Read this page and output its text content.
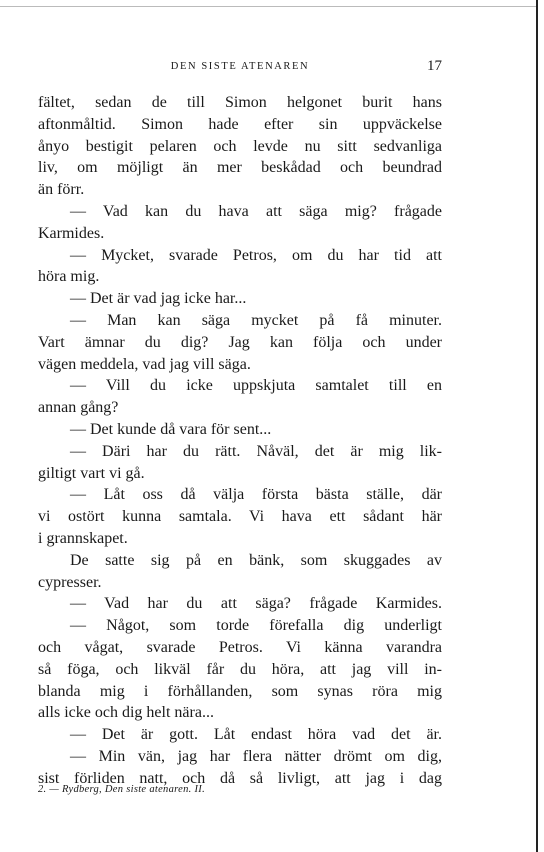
DEN SISTE ATENAREN	17
fältet, sedan de till Simon helgonet burit hans
aftonmåltid. Simon hade efter sin uppväckelse
ånyo bestigit pelaren och levde nu sitt sedvanliga
liv, om möjligt än mer beskådad och beundrad
än förr.
— Vad kan du hava att säga mig? frågade
Karmides.
— Mycket, svarade Petros, om du har tid att
höra mig.
— Det är vad jag icke har...
— Man kan säga mycket på få minuter.
Vart ämnar du dig? Jag kan följa och under
vägen meddela, vad jag vill säga.
— Vill du icke uppskjuta samtalet till en
annan gång?
— Det kunde då vara för sent...
— Däri har du rätt. Nåväl, det är mig lik-
giltigt vart vi gå.
— Låt oss då välja första bästa ställe, där
vi ostört kunna samtala. Vi hava ett sådant här
i grannskapet.
De satte sig på en bänk, som skuggades av
cypresser.
— Vad har du att säga? frågade Karmides.
— Något, som torde förefalla dig underligt
och vågat, svarade Petros. Vi känna varandra
så föga, och likväl får du höra, att jag vill in-
blanda mig i förhållanden, som synas röra mig
alls icke och dig helt nära...
— Det är gott. Låt endast höra vad det är.
— Min vän, jag har flera nätter drömt om dig,
sist förliden natt, och då så livligt, att jag i dag
2. — Rydberg, Den siste atenaren. II.
